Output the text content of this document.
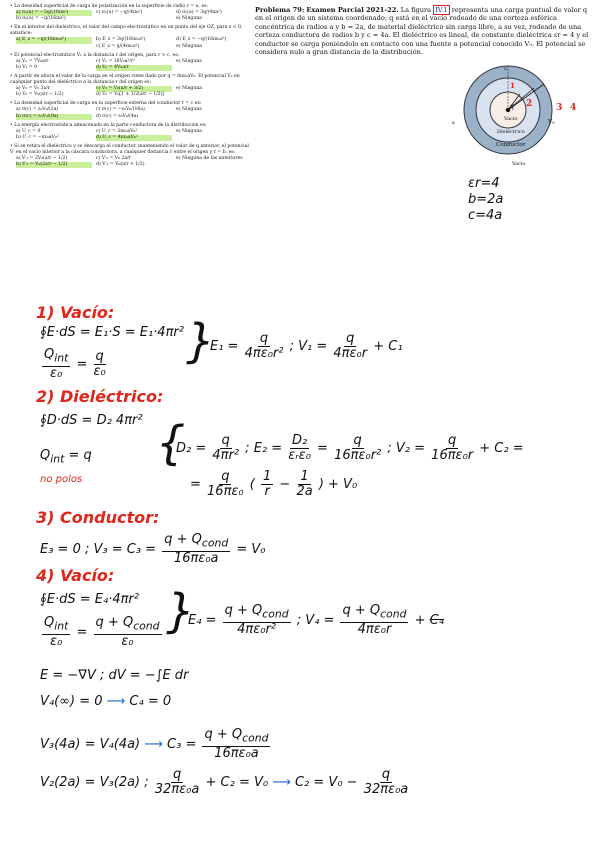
• La densidad superficial de carga de polarización en la superficie de radio r = a, es:
a) σₚ(a) = −3q/(16πa²)	c) σₚ(a) = −q/(4πa²)	d) σₚ(a) = 3q/(4πa²)
b) σₚ(a) = −q/(16πa²)	e) Ninguna
• En el interior del dieléctrico, el valor del campo electrostático en un punto del eje OZ, para z < 0, satisface:
a) E_z = −q/(16πε₀z²)	b) E_z = 3q/(16πε₀z²)	d) E_z = −q/(16πε₀z²)
c) E_z = q/(4πε₀z²)	e) Ninguna
• El potencial electrostático V₁ a la distancia r del origen, para r > c, es:
a) V₁ = 7V₀a/r	c) V₁ = 16V₀a²/r²	e) Ninguna
b) V₁ = 0	d) V₁ = 4V₀a/r
• A partir de ahora el valor de la carga en el origen viene dado por q = 8πε₀aV₀. El potencial V₂ en cualquier punto del dieléctrico a la distancia r del origen es:
a) V₂ = V₀ 3a/r	c) V₂ = V₀(a/r + 3/2)	e) Ninguna
b) V₂ = V₀(a/r − 1/2)	d) V₂ = V₀[1 + 1/2(a/r − 1/2)]
• La densidad superficial de carga en la superficie externa del conductor r = c es:
a) σ(c) = ε₀V₀/(2a)	c) σ(c) = −ε₀V₀/(16a)	e) Ninguna
b) σ(c) = ε₀V₀/(8a)	d) σ(c) = ε₀V₀/(4a)
• La energía electrostática almacenada en la parte conductora de la distribución es:
a) U_c = 0	c) U_c = 2πε₀aV₀²	e) Ninguna
b) U_c = −πε₀aV₀²	d) U_c = 4πε₀aV₀²
• Si se retira el dieléctrico y se descarga el conductor, manteniendo el valor de q anterior, el potencial V′ en el vacío interior a la cáscara conductora, a cualquier distancia r entre el origen y r = b, es:
a) V′₂ = 2V₀(a/r − 1/2)	c) V′₂ = V₀ 2a/r	e) Ninguna de las anteriores
b) V′₂ = V₀(2a/r − 1/2)	d) V′₂ = V₀(a/r + 1/2)
Problema 79: Examen Parcial 2021-22. La figura IV.1 representa una carga puntual de valor q en el origen de un sistema coordenado; q está en el vacío rodeado de una corteza esférica concéntrica de radios a y b = 2a, de material dieléctrico sin carga libre, a su vez, rodeado de una corteza conductora de radios b y c = 4a. El dieléctrico es lineal, de constante dieléctrica εr = 4 y el conductor se carga poniéndolo en contacto con una fuente a potencial conocido V₀. El potencial se considera nulo a gran distancia de la distribución.
Vacío
Dieléctrico
Conductor
Vacío
q
V₀
1
2	3 4
z
x
εr=4
b=2a
c=4a
1) Vacío:
∮E·dS = E₁·S = E₁·4πr²
$\frac{Q_{int}}{\text{ε₀}} = \frac{q}{\text{ε₀}}$ }
$E_1 = \frac{q}{\text{4πε₀r²}}$ ; $V_1 = \frac{q}{\text{4πε₀r}} + C_1$
2) Dieléctrico:
∮D·dS = D₂ 4πr²
$Q_{int} = q$
no polos
{
$D_2 = \frac{q}{\text{4πr²}}$ ; $E_2 = \frac{\text{D₂}}{\text{εᵣε₀}} = \frac{q}{\text{16πε₀r²}}$ ; $V_2 = \frac{q}{\text{16πε₀r}} + C_2$ =
= $\frac{q}{\text{16πε₀}}$ ( $\frac{1}{r} - \frac{1}{2a}$ ) + V₀
3) Conductor:
E₃ = 0 ; $V_3 = C_3 = \frac{q + Q_{cond}}{\text{16πε₀a}} = V_0$
4) Vacío:
∮E·dS = E₄·4πr²
$\frac{Q_{int}}{\text{ε₀}} = \frac{q + Q_{cond}}{\text{ε₀}}$ }
$E_4 = \frac{q + Q_{cond}}{\text{4πε₀r²}}$ ; $V_4 = \frac{q + Q_{cond}}{\text{4πε₀r}} + C_4$
E = −∇V ; dV = −∫E dr
V₄(∞) = 0 ⟶ C₄ = 0
V₃(4a) = V₄(4a) ⟶ $C_3 = \frac{q + Q_{cond}}{\text{16πε₀a}}$
V₂(2a) = V₃(2a) ; $\frac{q}{\text{32πε₀a}} + C_2 = V_0$ ⟶ $C_2 = V_0 - \frac{q}{\text{32πε₀a}}$
